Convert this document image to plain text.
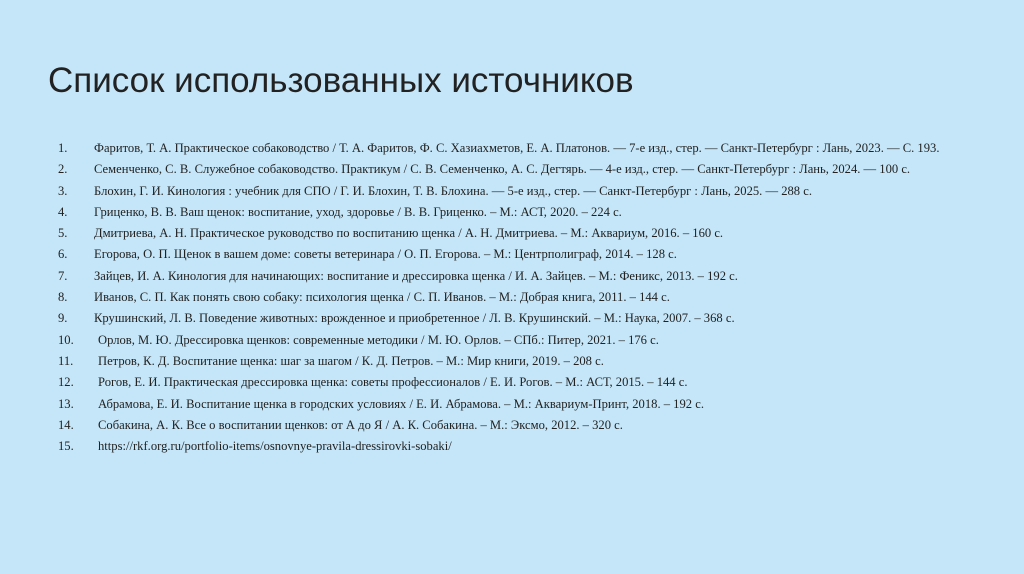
Список использованных источников
1.	Фаритов, Т. А. Практическое собаководство / Т. А. Фаритов, Ф. С. Хазиахметов, Е. А. Платонов. — 7-е изд., стер. — Санкт-Петербург : Лань, 2023. — С. 193.
2.	Семенченко, С. В. Служебное собаководство. Практикум / С. В. Семенченко, А. С. Дегтярь. — 4-е изд., стер. — Санкт-Петербург : Лань, 2024. — 100 с.
3.	Блохин, Г. И. Кинология : учебник для СПО / Г. И. Блохин, Т. В. Блохина. — 5-е изд., стер. — Санкт-Петербург : Лань, 2025. — 288 с.
4.	Гриценко, В. В. Ваш щенок: воспитание, уход, здоровье / В. В. Гриценко. – М.: АСТ, 2020. – 224 с.
5.	Дмитриева, А. Н. Практическое руководство по воспитанию щенка / А. Н. Дмитриева. – М.: Аквариум, 2016. – 160 с.
6.	Егорова, О. П. Щенок в вашем доме: советы ветеринара / О. П. Егорова. – М.: Центрполиграф, 2014. – 128 с.
7.	Зайцев, И. А. Кинология для начинающих: воспитание и дрессировка щенка / И. А. Зайцев. – М.: Феникс, 2013. – 192 с.
8.	Иванов, С. П. Как понять свою собаку: психология щенка / С. П. Иванов. – М.: Добрая книга, 2011. – 144 с.
9.	Крушинский, Л. В. Поведение животных: врожденное и приобретенное / Л. В. Крушинский. – М.: Наука, 2007. – 368 с.
10.	Орлов, М. Ю. Дрессировка щенков: современные методики / М. Ю. Орлов. – СПб.: Питер, 2021. – 176 с.
11.	Петров, К. Д. Воспитание щенка: шаг за шагом / К. Д. Петров. – М.: Мир книги, 2019. – 208 с.
12.	Рогов, Е. И. Практическая дрессировка щенка: советы профессионалов / Е. И. Рогов. – М.: АСТ, 2015. – 144 с.
13.	Абрамова, Е. И. Воспитание щенка в городских условиях / Е. И. Абрамова. – М.: Аквариум-Принт, 2018. – 192 с.
14.	Собакина, А. К. Все о воспитании щенков: от А до Я / А. К. Собакина. – М.: Эксмо, 2012. – 320 с.
15.	https://rkf.org.ru/portfolio-items/osnovnye-pravila-dressirovki-sobaki/
